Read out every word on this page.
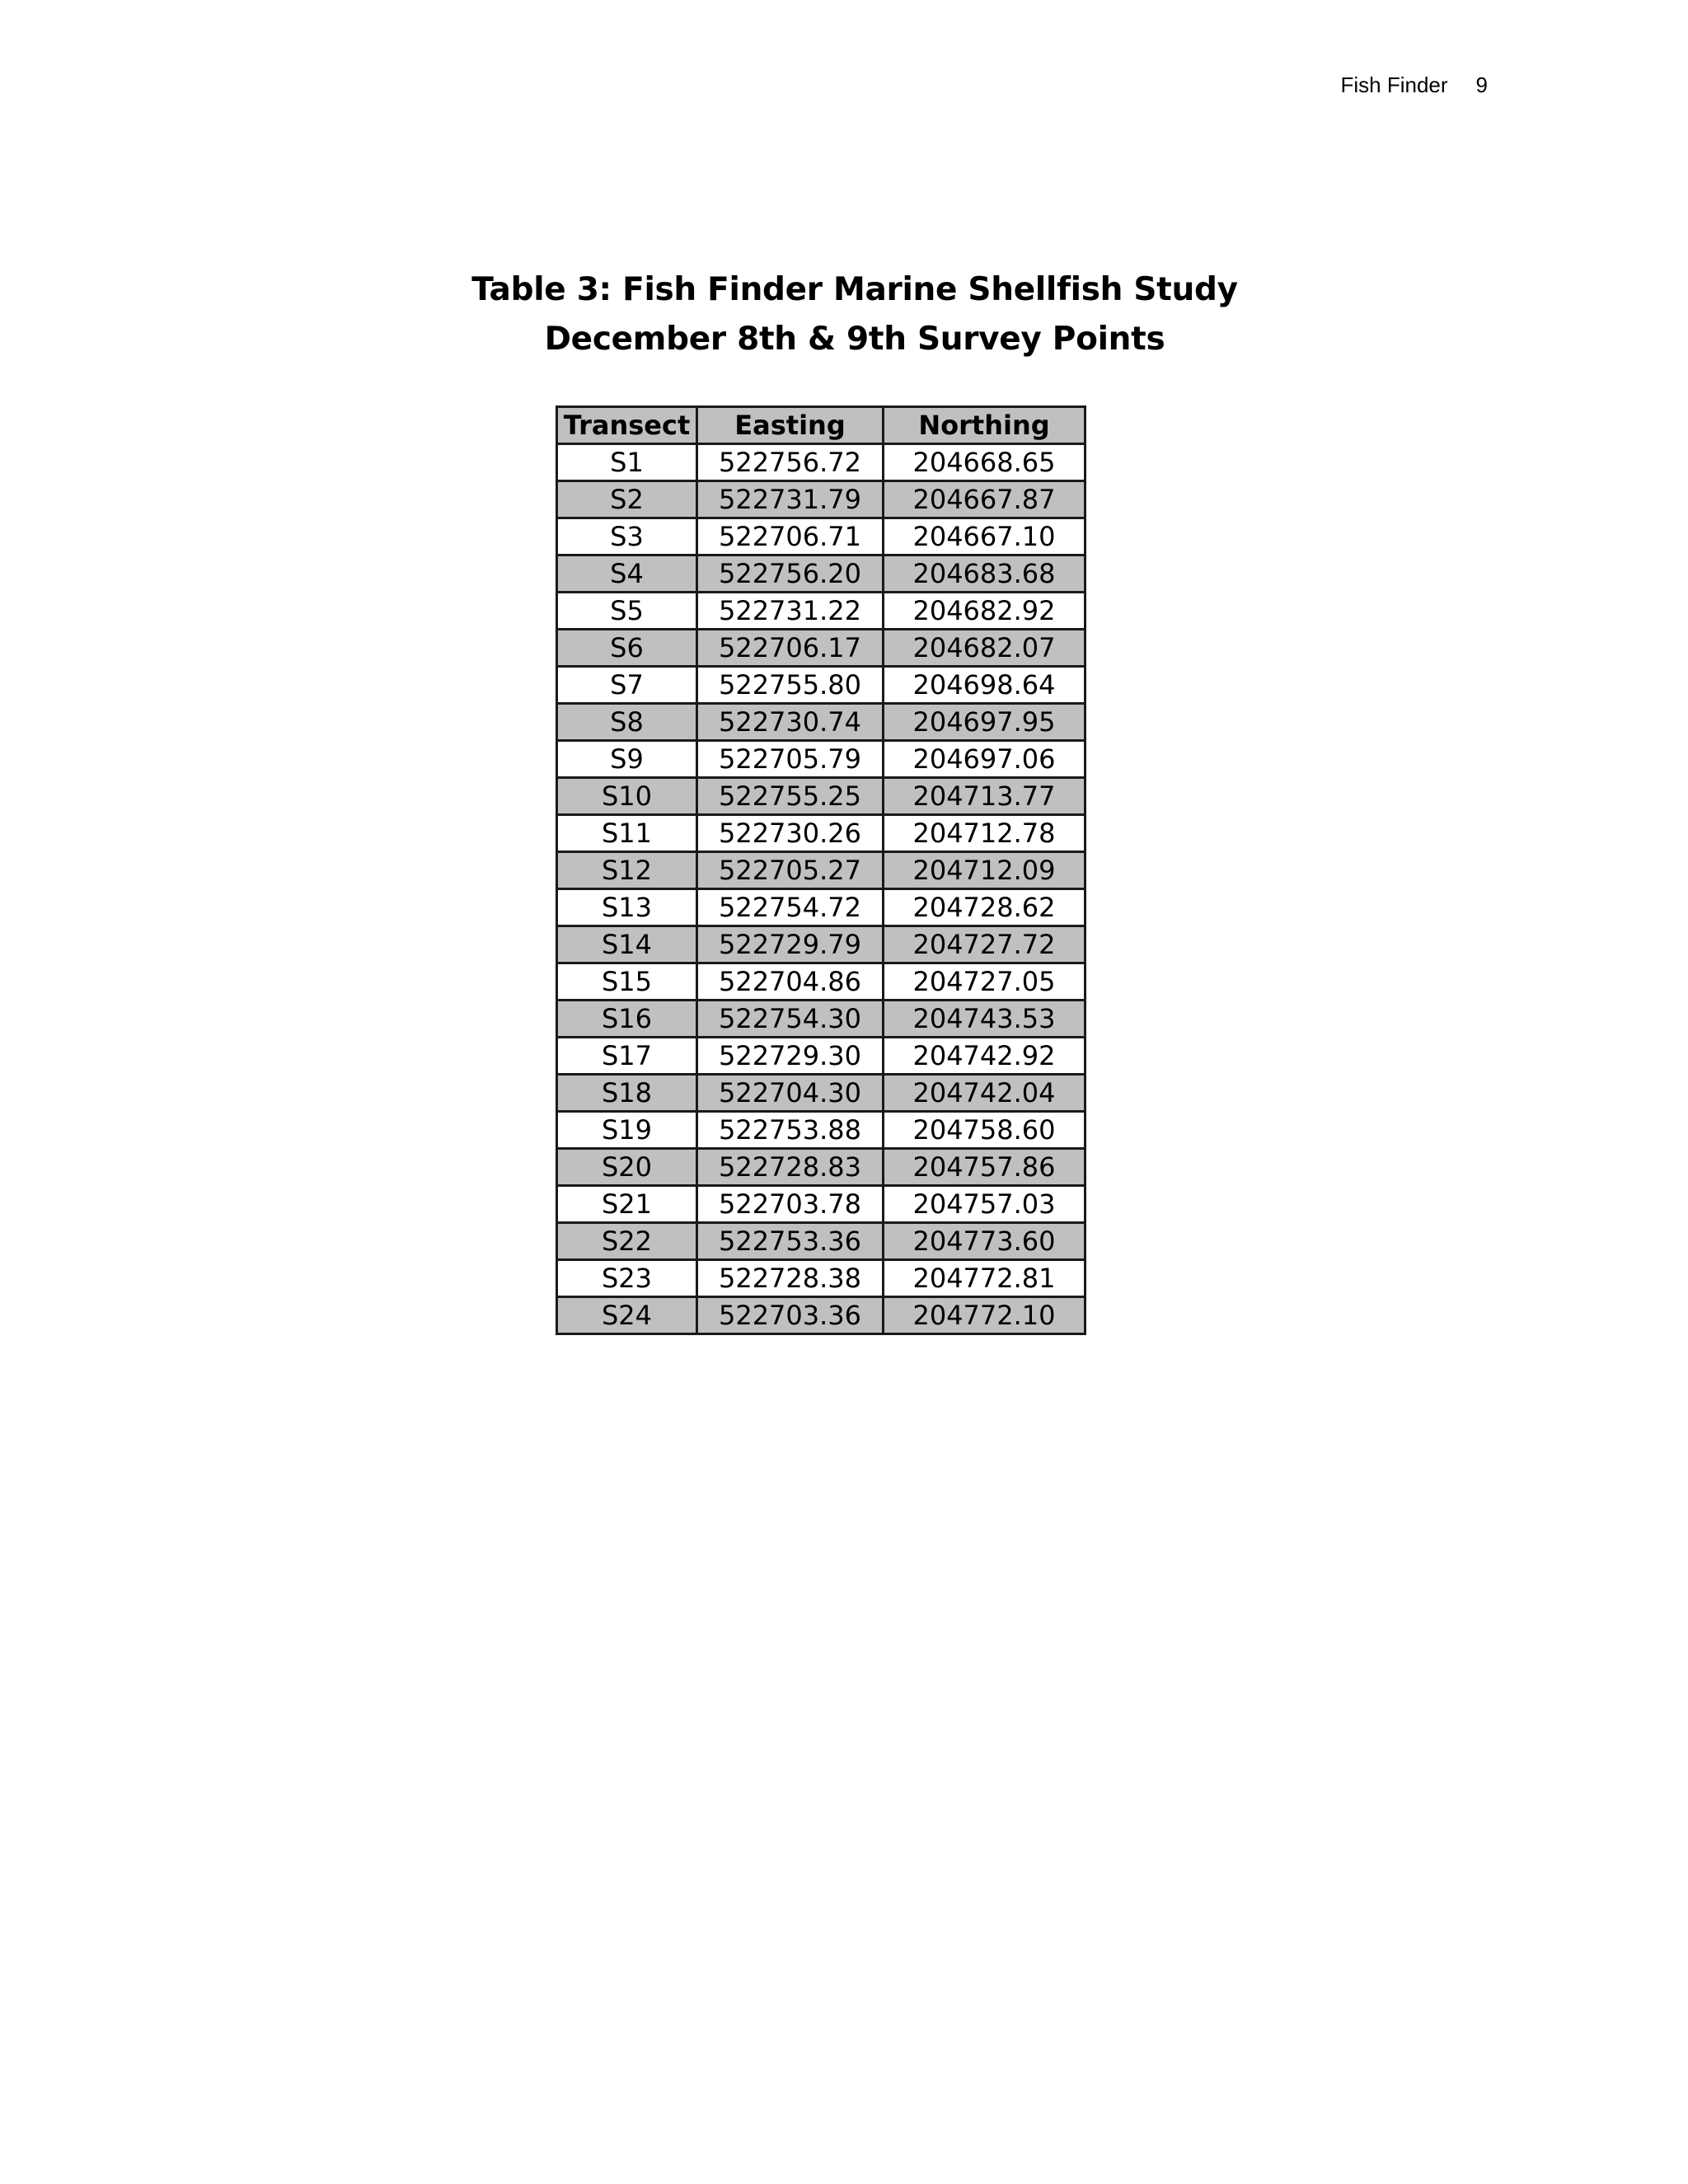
Fish Finder 9
Table 3: Fish Finder Marine Shellfish Study
December 8th & 9th Survey Points
Transect	Easting	Northing
S1	522756.72	204668.65
S2	522731.79	204667.87
S3	522706.71	204667.10
S4	522756.20	204683.68
S5	522731.22	204682.92
S6	522706.17	204682.07
S7	522755.80	204698.64
S8	522730.74	204697.95
S9	522705.79	204697.06
S10	522755.25	204713.77
S11	522730.26	204712.78
S12	522705.27	204712.09
S13	522754.72	204728.62
S14	522729.79	204727.72
S15	522704.86	204727.05
S16	522754.30	204743.53
S17	522729.30	204742.92
S18	522704.30	204742.04
S19	522753.88	204758.60
S20	522728.83	204757.86
S21	522703.78	204757.03
S22	522753.36	204773.60
S23	522728.38	204772.81
S24	522703.36	204772.10
